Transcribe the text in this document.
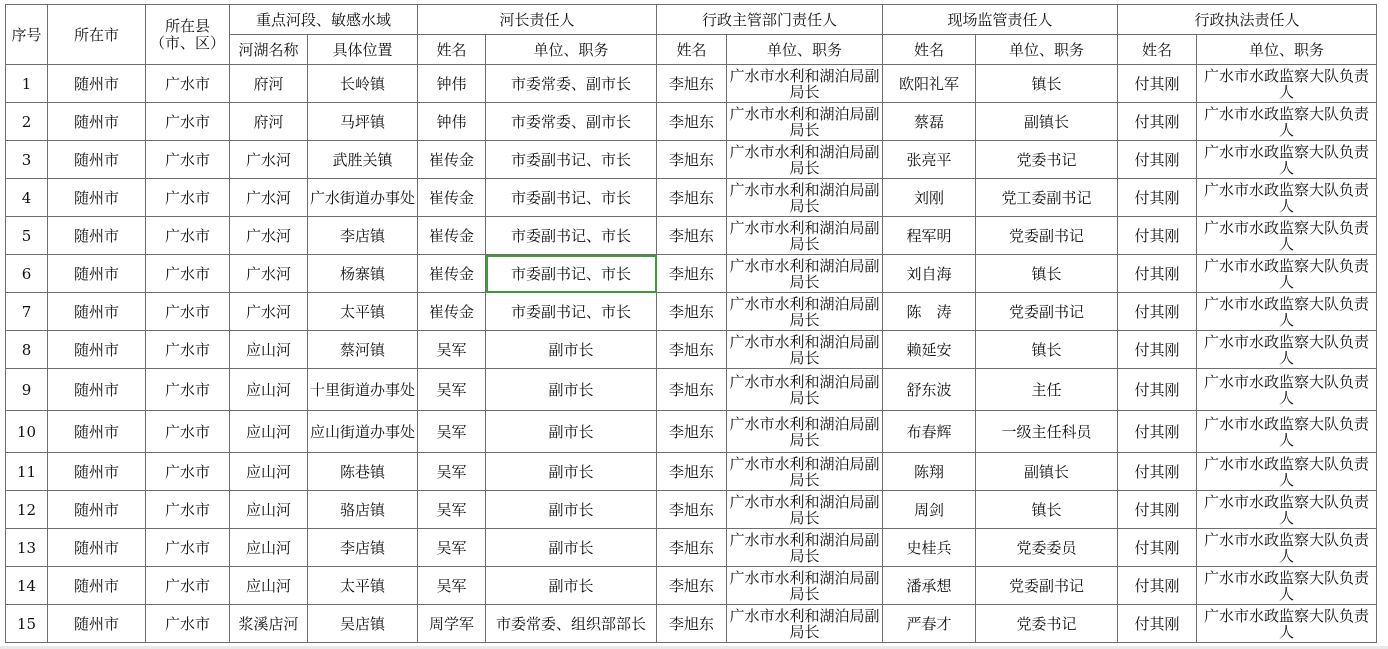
序号	所在市	所在县（市、区）	重点河段、敏感水域		河长责任人		行政主管部门责任人		现场监管责任人		行政执法责任人	
			河湖名称	具体位置	姓名	单位、职务	姓名	单位、职务	姓名	单位、职务	姓名	单位、职务
1	随州市	广水市	府河	长岭镇	钟伟	市委常委、副市长	李旭东	广水市水利和湖泊局副局长	欧阳礼军	镇长	付其刚	广水市水政监察大队负责人
2	随州市	广水市	府河	马坪镇	钟伟	市委常委、副市长	李旭东	广水市水利和湖泊局副局长	蔡磊	副镇长	付其刚	广水市水政监察大队负责人
3	随州市	广水市	广水河	武胜关镇	崔传金	市委副书记、市长	李旭东	广水市水利和湖泊局副局长	张亮平	党委书记	付其刚	广水市水政监察大队负责人
4	随州市	广水市	广水河	广水街道办事处	崔传金	市委副书记、市长	李旭东	广水市水利和湖泊局副局长	刘刚	党工委副书记	付其刚	广水市水政监察大队负责人
5	随州市	广水市	广水河	李店镇	崔传金	市委副书记、市长	李旭东	广水市水利和湖泊局副局长	程军明	党委副书记	付其刚	广水市水政监察大队负责人
6	随州市	广水市	广水河	杨寨镇	崔传金	市委副书记、市长	李旭东	广水市水利和湖泊局副局长	刘自海	镇长	付其刚	广水市水政监察大队负责人
7	随州市	广水市	广水河	太平镇	崔传金	市委副书记、市长	李旭东	广水市水利和湖泊局副局长	陈　涛	党委副书记	付其刚	广水市水政监察大队负责人
8	随州市	广水市	应山河	蔡河镇	吴军	副市长	李旭东	广水市水利和湖泊局副局长	赖延安	镇长	付其刚	广水市水政监察大队负责人
9	随州市	广水市	应山河	十里街道办事处	吴军	副市长	李旭东	广水市水利和湖泊局副局长	舒东波	主任	付其刚	广水市水政监察大队负责人
10	随州市	广水市	应山河	应山街道办事处	吴军	副市长	李旭东	广水市水利和湖泊局副局长	布春辉	一级主任科员	付其刚	广水市水政监察大队负责人
11	随州市	广水市	应山河	陈巷镇	吴军	副市长	李旭东	广水市水利和湖泊局副局长	陈翔	副镇长	付其刚	广水市水政监察大队负责人
12	随州市	广水市	应山河	骆店镇	吴军	副市长	李旭东	广水市水利和湖泊局副局长	周剑	镇长	付其刚	广水市水政监察大队负责人
13	随州市	广水市	应山河	李店镇	吴军	副市长	李旭东	广水市水利和湖泊局副局长	史桂兵	党委委员	付其刚	广水市水政监察大队负责人
14	随州市	广水市	应山河	太平镇	吴军	副市长	李旭东	广水市水利和湖泊局副局长	潘承想	党委副书记	付其刚	广水市水政监察大队负责人
15	随州市	广水市	浆溪店河	吴店镇	周学军	市委常委、组织部部长	李旭东	广水市水利和湖泊局副局长	严春才	党委书记	付其刚	广水市水政监察大队负责人
